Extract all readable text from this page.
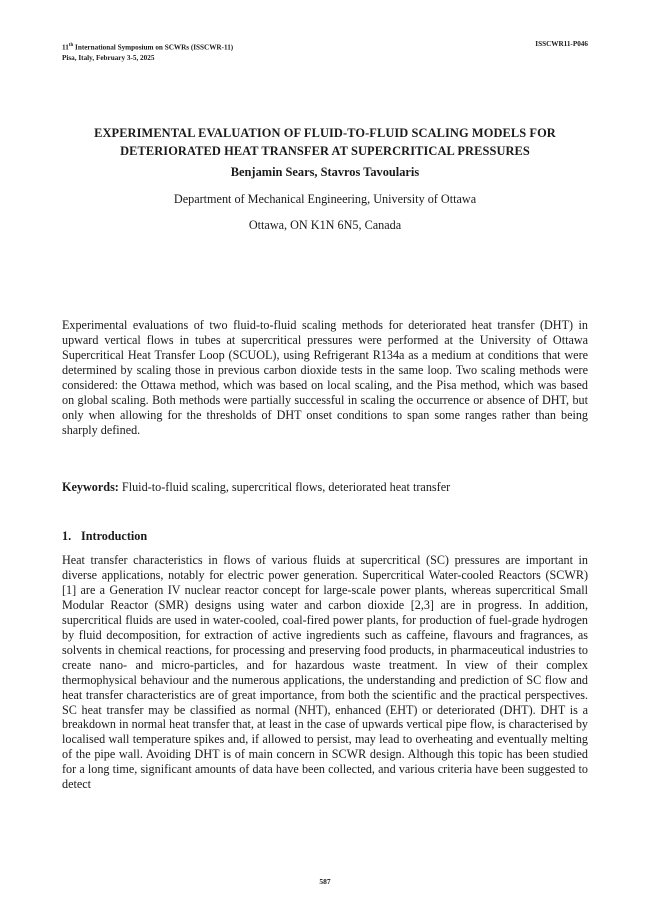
11th International Symposium on SCWRs (ISSCWR-11)
Pisa, Italy, February 3-5, 2025
ISSCWR11-P046
EXPERIMENTAL EVALUATION OF FLUID-TO-FLUID SCALING MODELS FOR
DETERIORATED HEAT TRANSFER AT SUPERCRITICAL PRESSURES
Benjamin Sears, Stavros Tavoularis
Department of Mechanical Engineering, University of Ottawa
Ottawa, ON K1N 6N5, Canada

Experimental evaluations of two fluid-to-fluid scaling methods for deteriorated heat transfer (DHT) in upward vertical flows in tubes at supercritical pressures were performed at the University of Ottawa Supercritical Heat Transfer Loop (SCUOL), using Refrigerant R134a as a medium at conditions that were determined by scaling those in previous carbon dioxide tests in the same loop. Two scaling methods were considered: the Ottawa method, which was based on local scaling, and the Pisa method, which was based on global scaling. Both methods were partially successful in scaling the occurrence or absence of DHT, but only when allowing for the thresholds of DHT onset conditions to span some ranges rather than being sharply defined.

Keywords: Fluid-to-fluid scaling, supercritical flows, deteriorated heat transfer
1. Introduction

Heat transfer characteristics in flows of various fluids at supercritical (SC) pressures are important in diverse applications, notably for electric power generation. Supercritical Water-cooled Reactors (SCWR) [1] are a Generation IV nuclear reactor concept for large-scale power plants, whereas supercritical Small Modular Reactor (SMR) designs using water and carbon dioxide [2,3] are in progress. In addition, supercritical fluids are used in water-cooled, coal-fired power plants, for production of fuel-grade hydrogen by fluid decomposition, for extraction of active ingredients such as caffeine, flavours and fragrances, as solvents in chemical reactions, for processing and preserving food products, in pharmaceutical industries to create nano- and micro-particles, and for hazardous waste treatment. In view of their complex thermophysical behaviour and the numerous applications, the understanding and prediction of SC flow and heat transfer characteristics are of great importance, from both the scientific and the practical perspectives. SC heat transfer may be classified as normal (NHT), enhanced (EHT) or deteriorated (DHT). DHT is a breakdown in normal heat transfer that, at least in the case of upwards vertical pipe flow, is characterised by localised wall temperature spikes and, if allowed to persist, may lead to overheating and eventually melting of the pipe wall. Avoiding DHT is of main concern in SCWR design. Although this topic has been studied for a long time, significant amounts of data have been collected, and various criteria have been suggested to detect

587
